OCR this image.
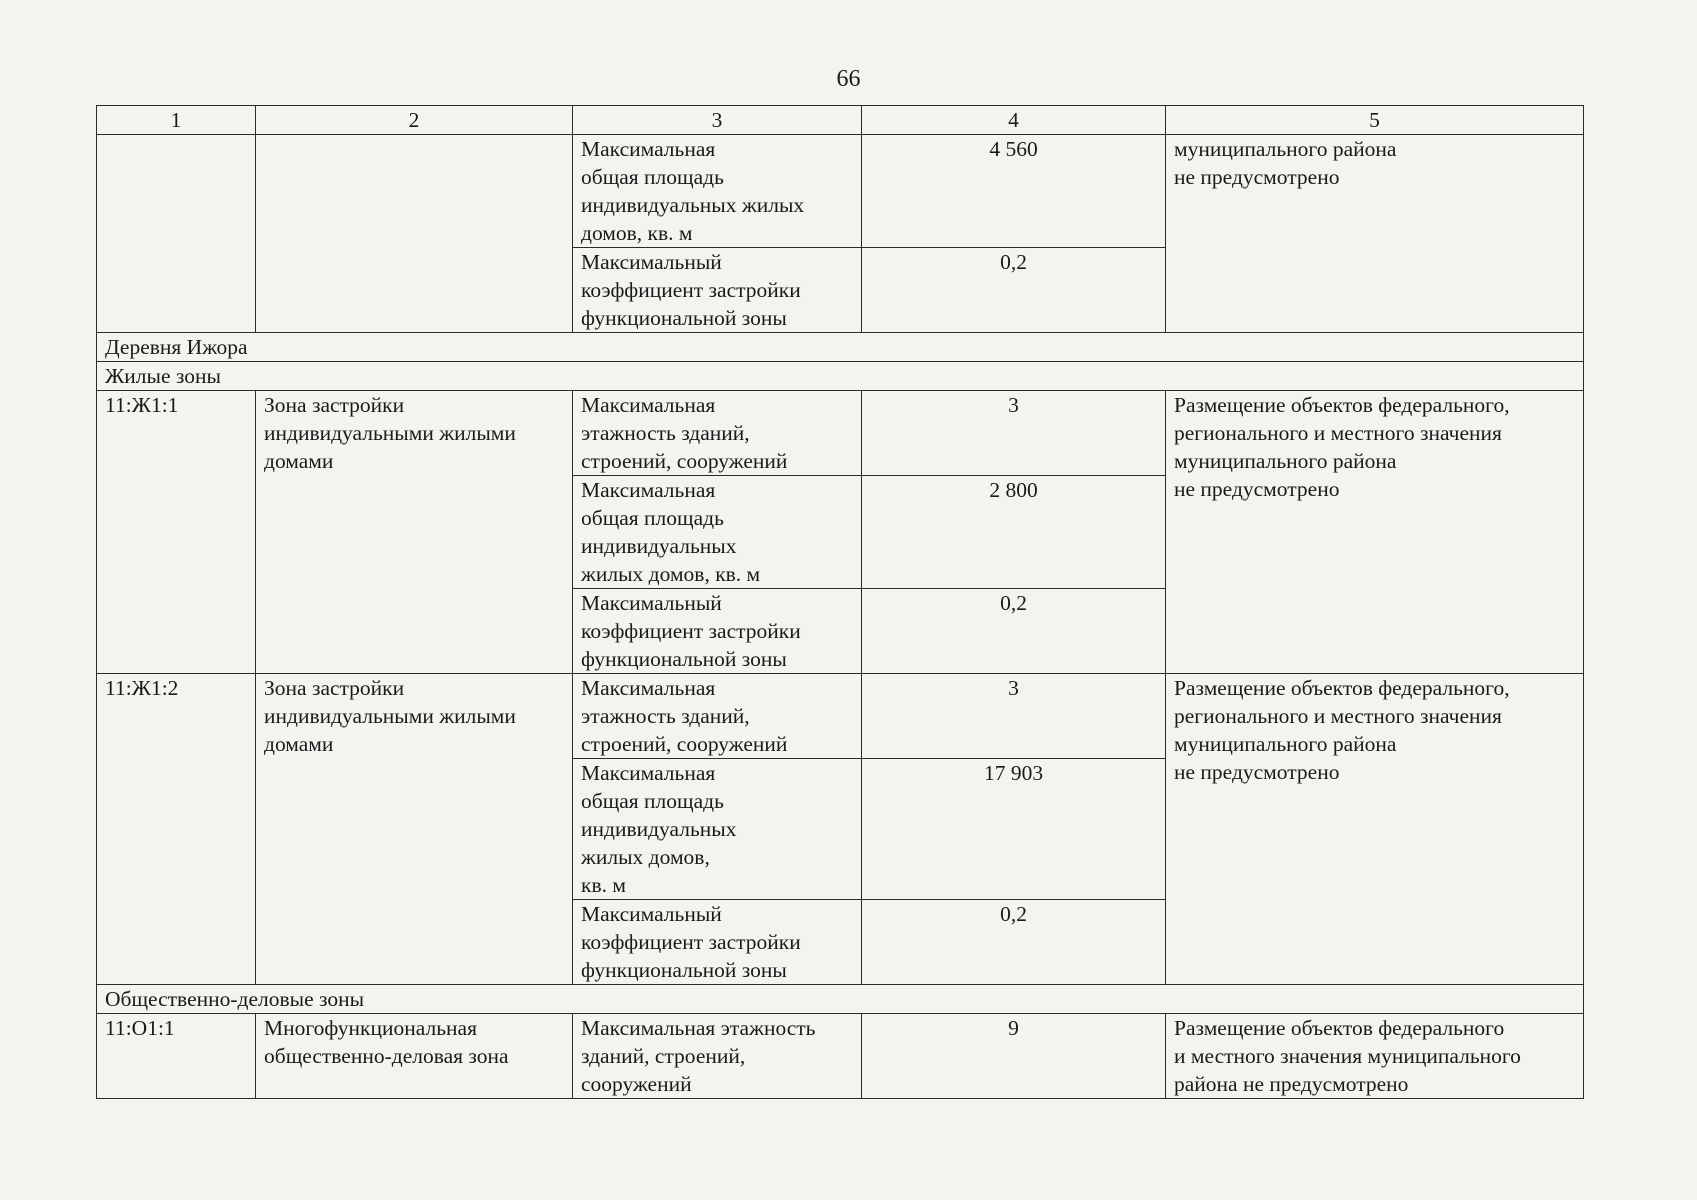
66
1	2	3	4	5
		Максимальная
общая площадь
индивидуальных жилых
домов, кв. м	4 560	муниципального района
не предусмотрено
		Максимальный
коэффициент застройки
функциональной зоны	0,2	
Деревня Ижора				
Жилые зоны				
11:Ж1:1	Зона застройки
индивидуальными жилыми
домами	Максимальная
этажность зданий,
строений, сооружений	3	Размещение объектов федерального,
регионального и местного значения
муниципального района
не предусмотрено
		Максимальная
общая площадь
индивидуальных
жилых домов, кв. м	2 800	
		Максимальный
коэффициент застройки
функциональной зоны	0,2	
11:Ж1:2	Зона застройки
индивидуальными жилыми
домами	Максимальная
этажность зданий,
строений, сооружений	3	Размещение объектов федерального,
регионального и местного значения
муниципального района
не предусмотрено
		Максимальная
общая площадь
индивидуальных
жилых домов,
кв. м	17 903	
		Максимальный
коэффициент застройки
функциональной зоны	0,2	
Общественно-деловые зоны				
11:О1:1	Многофункциональная
общественно-деловая зона	Максимальная этажность
зданий, строений,
сооружений	9	Размещение объектов федерального
и местного значения муниципального
района не предусмотрено
